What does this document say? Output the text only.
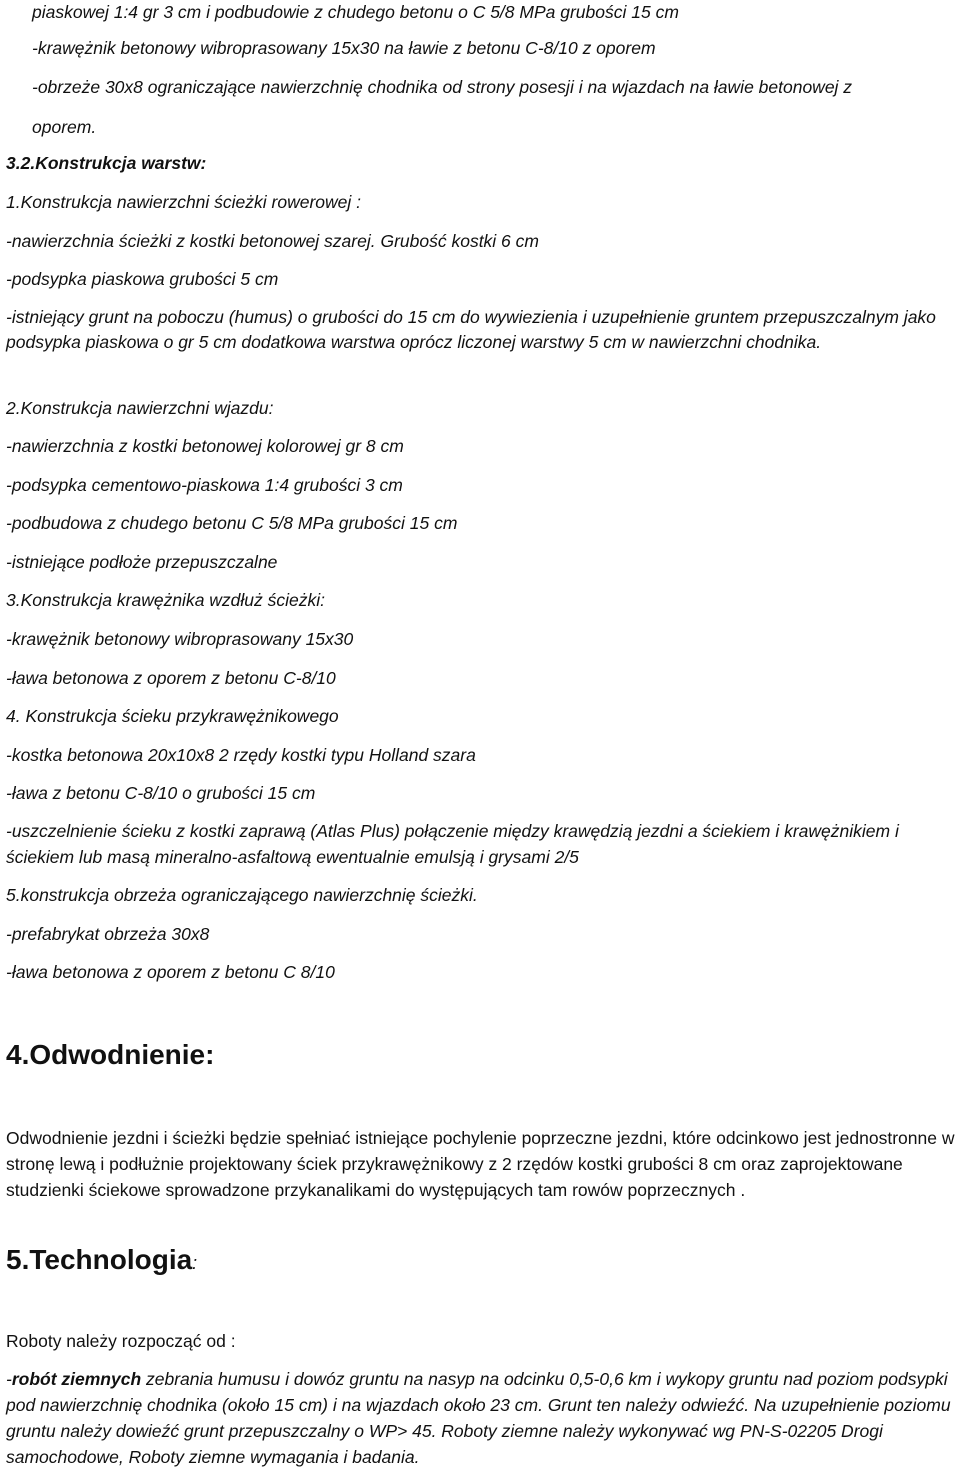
piaskowej 1:4 gr 3 cm i podbudowie z chudego betonu o C 5/8 MPa grubości 15 cm

-krawężnik betonowy wibroprasowany 15x30 na ławie z betonu C-8/10 z oporem

-obrzeże 30x8 ograniczające nawierzchnię chodnika od strony posesji i na wjazdach na ławie betonowej z

oporem.

3.2.Konstrukcja warstw:

1.Konstrukcja nawierzchni ścieżki rowerowej :

-nawierzchnia ścieżki z kostki betonowej szarej. Grubość kostki 6 cm

-podsypka piaskowa grubości 5 cm

-istniejący grunt na poboczu (humus) o grubości do 15 cm do wywiezienia i uzupełnienie gruntem przepuszczalnym jako podsypka piaskowa o gr 5 cm dodatkowa warstwa oprócz liczonej warstwy 5 cm w nawierzchni chodnika.

2.Konstrukcja nawierzchni wjazdu:

-nawierzchnia z kostki betonowej kolorowej gr 8 cm

-podsypka cementowo-piaskowa 1:4 grubości 3 cm

-podbudowa z chudego betonu C 5/8 MPa grubości 15 cm

-istniejące podłoże przepuszczalne

3.Konstrukcja krawężnika wzdłuż ścieżki:

-krawężnik betonowy wibroprasowany 15x30

-ława betonowa z oporem z betonu C-8/10

4. Konstrukcja ścieku przykrawężnikowego

-kostka betonowa 20x10x8 2 rzędy kostki typu Holland szara

-ława z betonu C-8/10 o grubości 15 cm

-uszczelnienie ścieku z kostki zaprawą (Atlas Plus) połączenie między krawędzią jezdni a ściekiem i krawężnikiem i ściekiem lub masą mineralno-asfaltową ewentualnie emulsją i grysami 2/5

5.konstrukcja obrzeża ograniczającego nawierzchnię ścieżki.

-prefabrykat obrzeża 30x8

-ława betonowa z oporem z betonu C 8/10

4.Odwodnienie:

Odwodnienie jezdni i ścieżki będzie spełniać istniejące pochylenie poprzeczne jezdni, które odcinkowo jest jednostronne w stronę lewą i podłużnie projektowany ściek przykrawężnikowy z 2 rzędów kostki grubości 8 cm oraz zaprojektowane studzienki ściekowe sprowadzone przykanalikami do występujących tam rowów poprzecznych .

5.Technologia:

Roboty należy rozpocząć od :

-robót ziemnych zebrania humusu i dowóz gruntu na nasyp na odcinku 0,5-0,6 km i wykopy gruntu nad poziom podsypki pod nawierzchnię chodnika (około 15 cm) i na wjazdach około 23 cm. Grunt ten należy odwieźć. Na uzupełnienie poziomu gruntu należy dowieźć grunt przepuszczalny o WP> 45. Roboty ziemne należy wykonywać wg PN-S-02205 Drogi samochodowe, Roboty ziemne wymagania i badania.
